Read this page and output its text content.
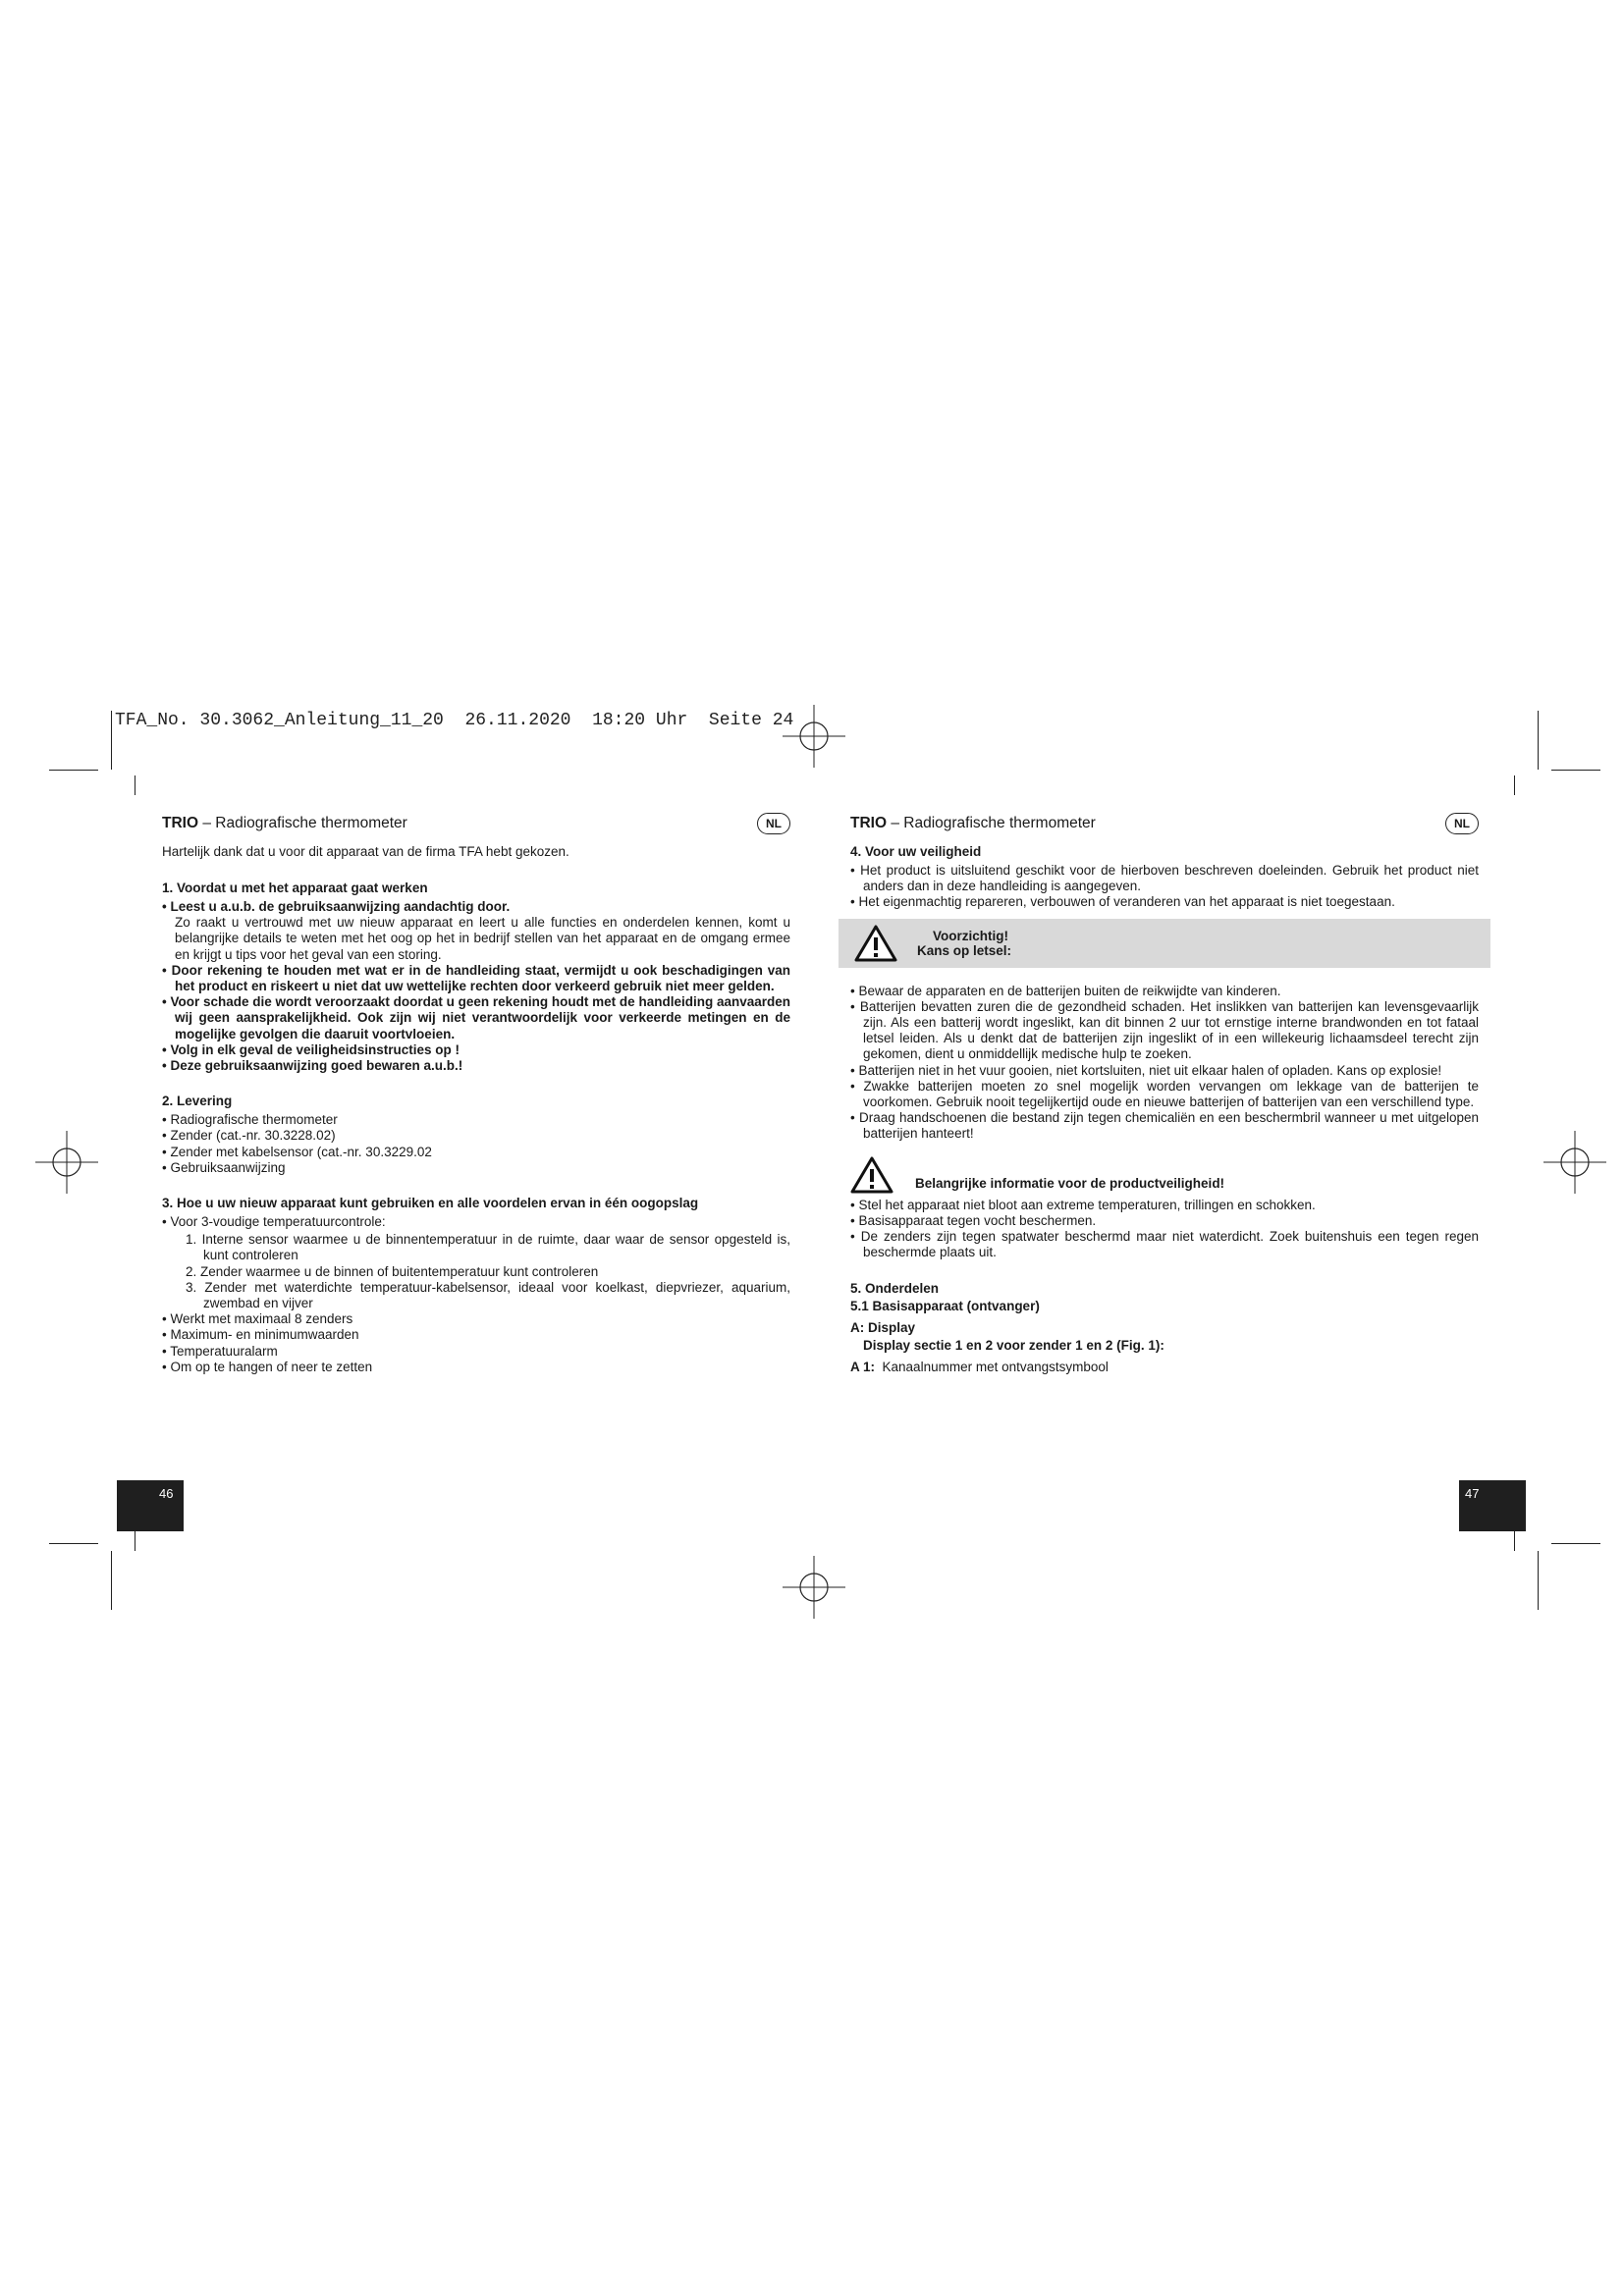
TFA_No. 30.3062_Anleitung_11_20  26.11.2020  18:20 Uhr  Seite 24
TRIO – Radiografische thermometer	NL
Hartelijk dank dat u voor dit apparaat van de firma TFA hebt gekozen.
1. Voordat u met het apparaat gaat werken
• Leest u a.u.b. de gebruiksaanwijzing aandachtig door.
Zo raakt u vertrouwd met uw nieuw apparaat en leert u alle functies en onderdelen kennen, komt u belangrijke details te weten met het oog op het in bedrijf stellen van het apparaat en de omgang ermee en krijgt u tips voor het geval van een storing.
• Door rekening te houden met wat er in de handleiding staat, vermijdt u ook beschadigingen van het product en riskeert u niet dat uw wettelijke rechten door verkeerd gebruik niet meer gelden.
• Voor schade die wordt veroorzaakt doordat u geen rekening houdt met de handleiding aanvaarden wij geen aansprakelijkheid. Ook zijn wij niet verantwoordelijk voor verkeerde metingen en de mogelijke gevolgen die daaruit voortvloeien.
• Volg in elk geval de veiligheidsinstructies op !
• Deze gebruiksaanwijzing goed bewaren a.u.b.!
2. Levering
• Radiografische thermometer
• Zender (cat.-nr. 30.3228.02)
• Zender met kabelsensor (cat.-nr. 30.3229.02
• Gebruiksaanwijzing
3. Hoe u uw nieuw apparaat kunt gebruiken en alle voordelen ervan in één oogopslag
• Voor 3-voudige temperatuurcontrole:
1. Interne sensor waarmee u de binnentemperatuur in de ruimte, daar waar de sensor opgesteld is, kunt controleren
2. Zender waarmee u de binnen of buitentemperatuur kunt controleren
3. Zender met waterdichte temperatuur-kabelsensor, ideaal voor koelkast, diepvriezer, aquarium, zwembad en vijver
• Werkt met maximaal 8 zenders
• Maximum- en minimumwaarden
• Temperatuuralarm
• Om op te hangen of neer te zetten
46
TRIO – Radiografische thermometer	NL
4. Voor uw veiligheid
• Het product is uitsluitend geschikt voor de hierboven beschreven doeleinden. Gebruik het product niet anders dan in deze handleiding is aangegeven.
• Het eigenmachtig repareren, verbouwen of veranderen van het apparaat is niet toegestaan.
Voorzichtig!
Kans op letsel:
• Bewaar de apparaten en de batterijen buiten de reikwijdte van kinderen.
• Batterijen bevatten zuren die de gezondheid schaden. Het inslikken van batterijen kan levensgevaarlijk zijn. Als een batterij wordt ingeslikt, kan dit binnen 2 uur tot ernstige interne brandwonden en tot fataal letsel leiden. Als u denkt dat de batterijen zijn ingeslikt of in een willekeurig lichaamsdeel terecht zijn gekomen, dient u onmiddellijk medische hulp te zoeken.
• Batterijen niet in het vuur gooien, niet kortsluiten, niet uit elkaar halen of opladen. Kans op explosie!
• Zwakke batterijen moeten zo snel mogelijk worden vervangen om lekkage van de batterijen te voorkomen. Gebruik nooit tegelijkertijd oude en nieuwe batterijen of batterijen van een verschillend type.
• Draag handschoenen die bestand zijn tegen chemicaliën en een beschermbril wanneer u met uitgelopen batterijen hanteert!
Belangrijke informatie voor de productveiligheid!
• Stel het apparaat niet bloot aan extreme temperaturen, trillingen en schokken.
• Basisapparaat tegen vocht beschermen.
• De zenders zijn tegen spatwater beschermd maar niet waterdicht. Zoek buitenshuis een tegen regen beschermde plaats uit.
5. Onderdelen
5.1 Basisapparaat (ontvanger)
A: Display
Display sectie 1 en 2 voor zender 1 en 2 (Fig. 1):
A 1: Kanaalnummer met ontvangstsymbool
47
